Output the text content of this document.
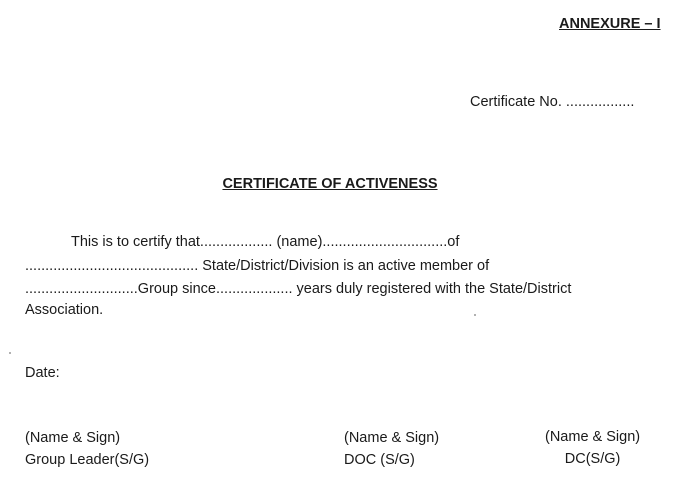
ANNEXURE – I
Certificate No. .................
CERTIFICATE OF ACTIVENESS
This is to certify that.................. (name)...............................of
........................................... State/District/Division is an active member of
............................Group since................... years duly registered with the State/District
Association.
Date:
(Name & Sign)
Group Leader(S/G)
(Name & Sign)
DOC (S/G)
(Name & Sign)
DC(S/G)
